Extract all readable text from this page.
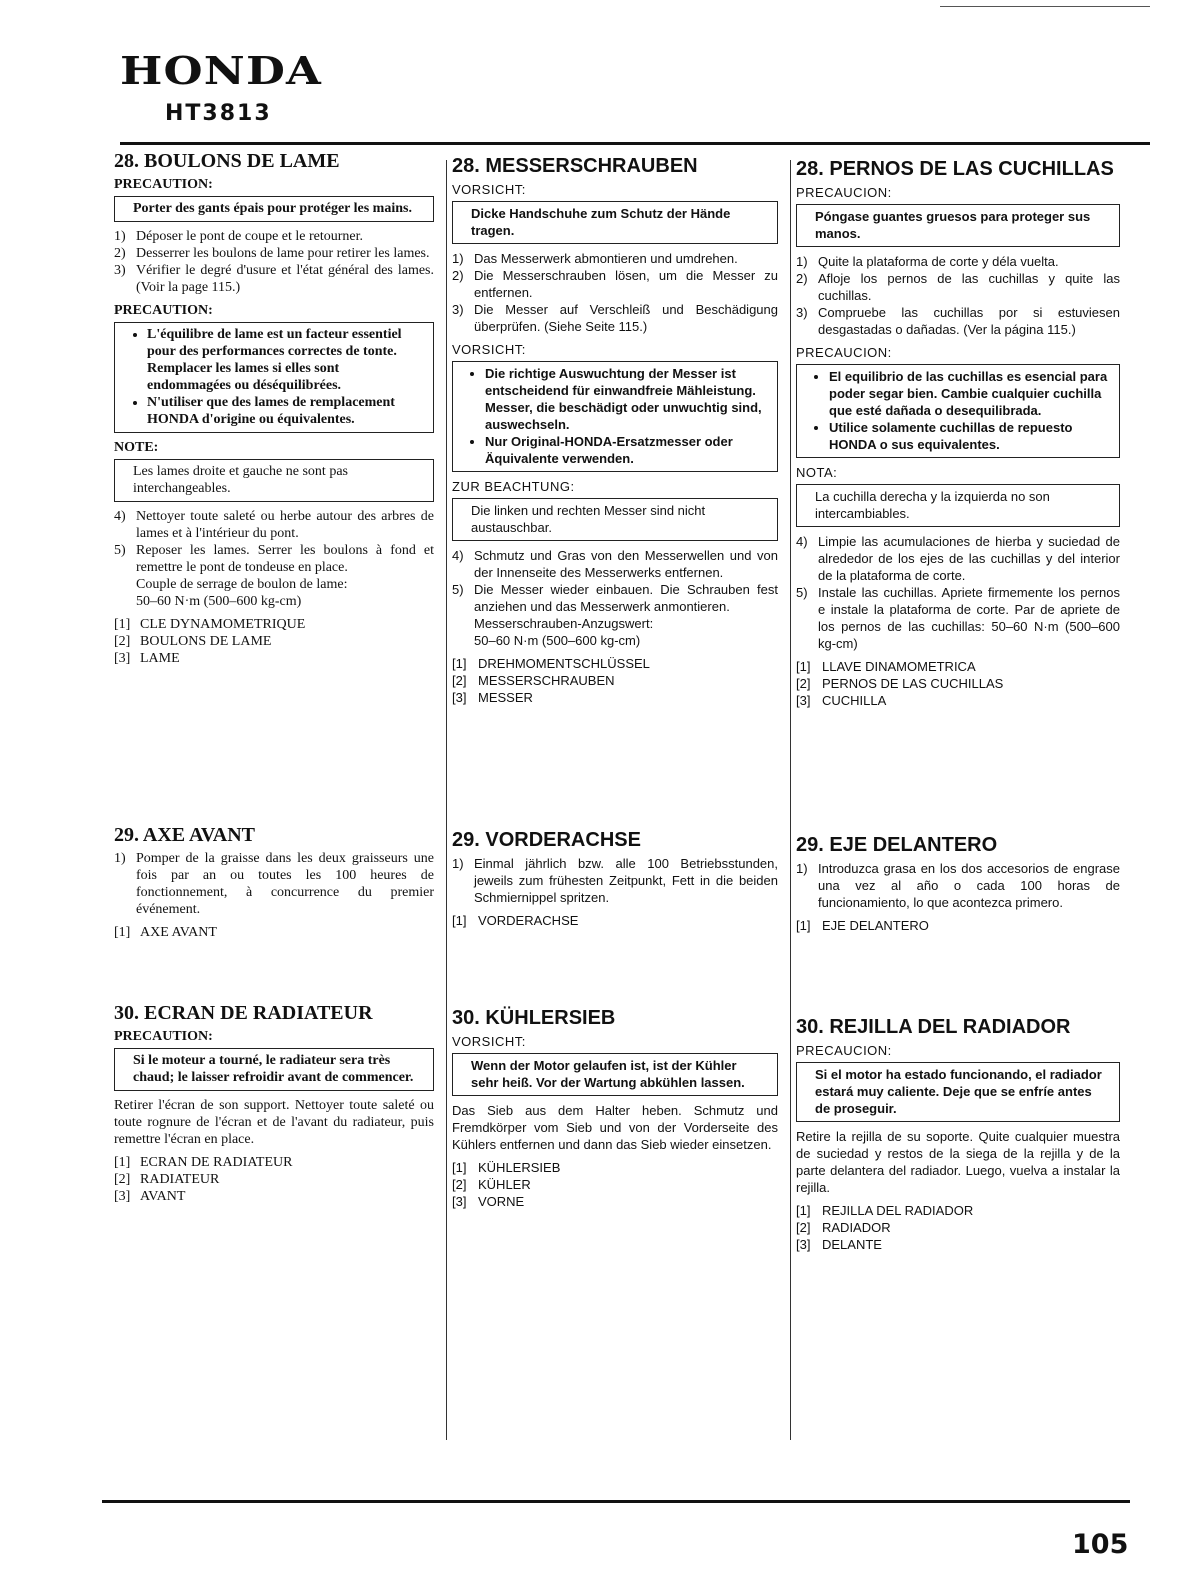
HONDA
HT3813
28. BOULONS DE LAME
PRECAUTION:
Porter des gants épais pour protéger les mains.
1) Déposer le pont de coupe et le retourner.
2) Desserrer les boulons de lame pour retirer les lames.
3) Vérifier le degré d'usure et l'état général des lames. (Voir la page 115.)
PRECAUTION:
• L'équilibre de lame est un facteur essentiel pour des performances correctes de tonte. Remplacer les lames si elles sont endommagées ou déséquilibrées.
• N'utiliser que des lames de remplacement HONDA d'origine ou équivalentes.
NOTE:
Les lames droite et gauche ne sont pas interchangeables.
4) Nettoyer toute saleté ou herbe autour des arbres de lames et à l'intérieur du pont.
5) Reposer les lames. Serrer les boulons à fond et remettre le pont de tondeuse en place.
Couple de serrage de boulon de lame:
50–60 N·m (500–600 kg-cm)
[1] CLE DYNAMOMETRIQUE
[2] BOULONS DE LAME
[3] LAME
29. AXE AVANT
1) Pomper de la graisse dans les deux graisseurs une fois par an ou toutes les 100 heures de fonctionnement, à concurrence du premier événement.
[1] AXE AVANT
30. ECRAN DE RADIATEUR
PRECAUTION:
Si le moteur a tourné, le radiateur sera très chaud; le laisser refroidir avant de commencer.
Retirer l'écran de son support. Nettoyer toute saleté ou toute rognure de l'écran et de l'avant du radiateur, puis remettre l'écran en place.
[1] ECRAN DE RADIATEUR
[2] RADIATEUR
[3] AVANT
28. MESSERSCHRAUBEN
VORSICHT:
Dicke Handschuhe zum Schutz der Hände tragen.
1) Das Messerwerk abmontieren und umdrehen.
2) Die Messerschrauben lösen, um die Messer zu entfernen.
3) Die Messer auf Verschleiß und Beschädigung überprüfen. (Siehe Seite 115.)
VORSICHT:
• Die richtige Auswuchtung der Messer ist entscheidend für einwandfreie Mähleistung. Messer, die beschädigt oder unwuchtig sind, auswechseln.
• Nur Original-HONDA-Ersatzmesser oder Äquivalente verwenden.
ZUR BEACHTUNG:
Die linken und rechten Messer sind nicht austauschbar.
4) Schmutz und Gras von den Messerwellen und von der Innenseite des Messerwerks entfernen.
5) Die Messer wieder einbauen. Die Schrauben fest anziehen und das Messerwerk anmontieren.
Messerschrauben-Anzugswert:
50–60 N·m (500–600 kg-cm)
[1] DREHMOMENTSCHLÜSSEL
[2] MESSERSCHRAUBEN
[3] MESSER
29. VORDERACHSE
1) Einmal jährlich bzw. alle 100 Betriebsstunden, jeweils zum frühesten Zeitpunkt, Fett in die beiden Schmiernippel spritzen.
[1] VORDERACHSE
30. KÜHLERSIEB
VORSICHT:
Wenn der Motor gelaufen ist, ist der Kühler sehr heiß. Vor der Wartung abkühlen lassen.
Das Sieb aus dem Halter heben. Schmutz und Fremdkörper vom Sieb und von der Vorderseite des Kühlers entfernen und dann das Sieb wieder einsetzen.
[1] KÜHLERSIEB
[2] KÜHLER
[3] VORNE
28. PERNOS DE LAS CUCHILLAS
PRECAUCION:
Póngase guantes gruesos para proteger sus manos.
1) Quite la plataforma de corte y déla vuelta.
2) Afloje los pernos de las cuchillas y quite las cuchillas.
3) Compruebe las cuchillas por si estuviesen desgastadas o dañadas. (Ver la página 115.)
PRECAUCION:
• El equilibrio de las cuchillas es esencial para poder segar bien. Cambie cualquier cuchilla que esté dañada o desequilibrada.
• Utilice solamente cuchillas de repuesto HONDA o sus equivalentes.
NOTA:
La cuchilla derecha y la izquierda no son intercambiables.
4) Limpie las acumulaciones de hierba y suciedad de alrededor de los ejes de las cuchillas y del interior de la plataforma de corte.
5) Instale las cuchillas. Apriete firmemente los pernos e instale la plataforma de corte. Par de apriete de los pernos de las cuchillas: 50–60 N·m (500–600 kg-cm)
[1] LLAVE DINAMOMETRICA
[2] PERNOS DE LAS CUCHILLAS
[3] CUCHILLA
29. EJE DELANTERO
1) Introduzca grasa en los dos accesorios de engrase una vez al año o cada 100 horas de funcionamiento, lo que acontezca primero.
[1] EJE DELANTERO
30. REJILLA DEL RADIADOR
PRECAUCION:
Si el motor ha estado funcionando, el radiador estará muy caliente. Deje que se enfríe antes de proseguir.
Retire la rejilla de su soporte. Quite cualquier muestra de suciedad y restos de la siega de la rejilla y de la parte delantera del radiador. Luego, vuelva a instalar la rejilla.
[1] REJILLA DEL RADIADOR
[2] RADIADOR
[3] DELANTE
105
